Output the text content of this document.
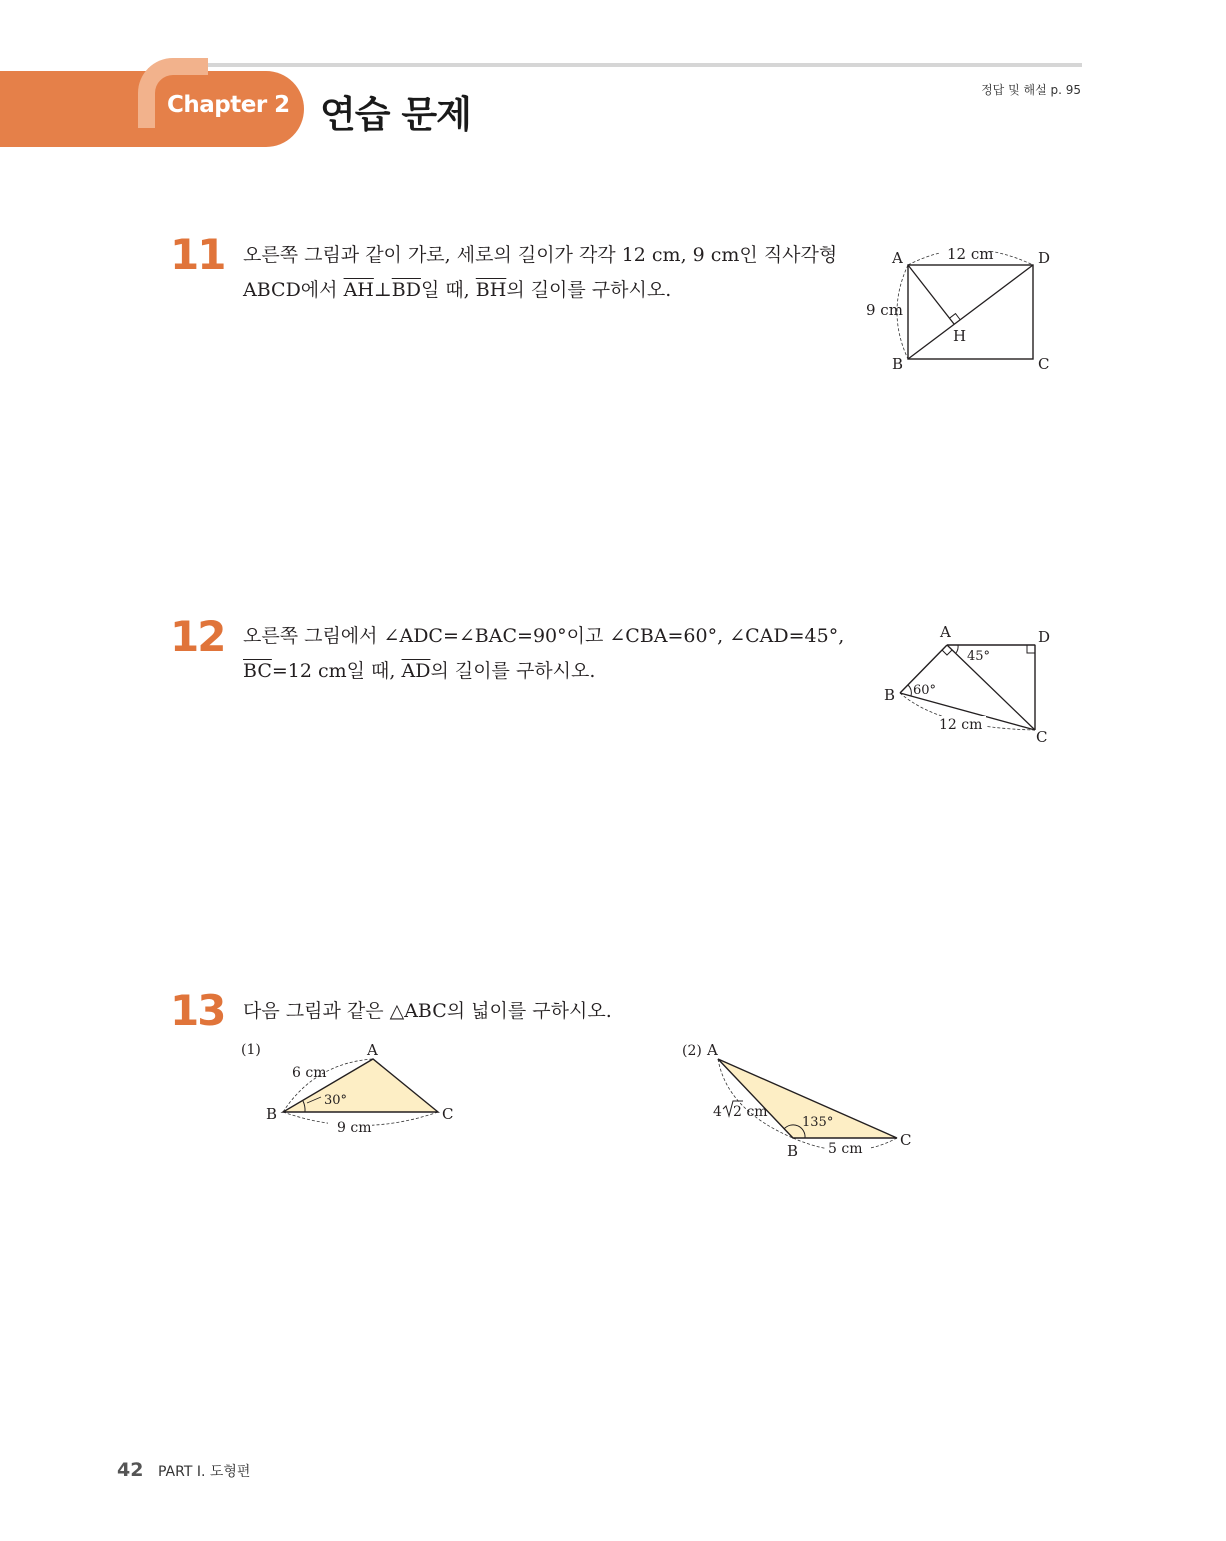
Chapter 2 연습 문제
정답 및 해설 p. 95
11 오른쪽 그림과 같이 가로, 세로의 길이가 각각 12 cm, 9 cm인 직사각형
ABCD에서 $\overline{AH}\perp\overline{BD}$일 때, $\overline{BH}$의 길이를 구하시오.
12 cm
9 cm
A	D
B	C
H
12 오른쪽 그림에서 ∠ADC=∠BAC=90°이고 ∠CBA=60°, ∠CAD=45°,
$\overline{BC}=12$ cm일 때, $\overline{AD}$의 길이를 구하시오.
A	D
B
C
45°
60°
12 cm
13 다음 그림과 같은 △ABC의 넓이를 구하시오.
(1)	A
B	C
6 cm
9 cm
30°
(2) A
B
C
4 2 cm
5 cm
135°
42 PART I. 도형편
